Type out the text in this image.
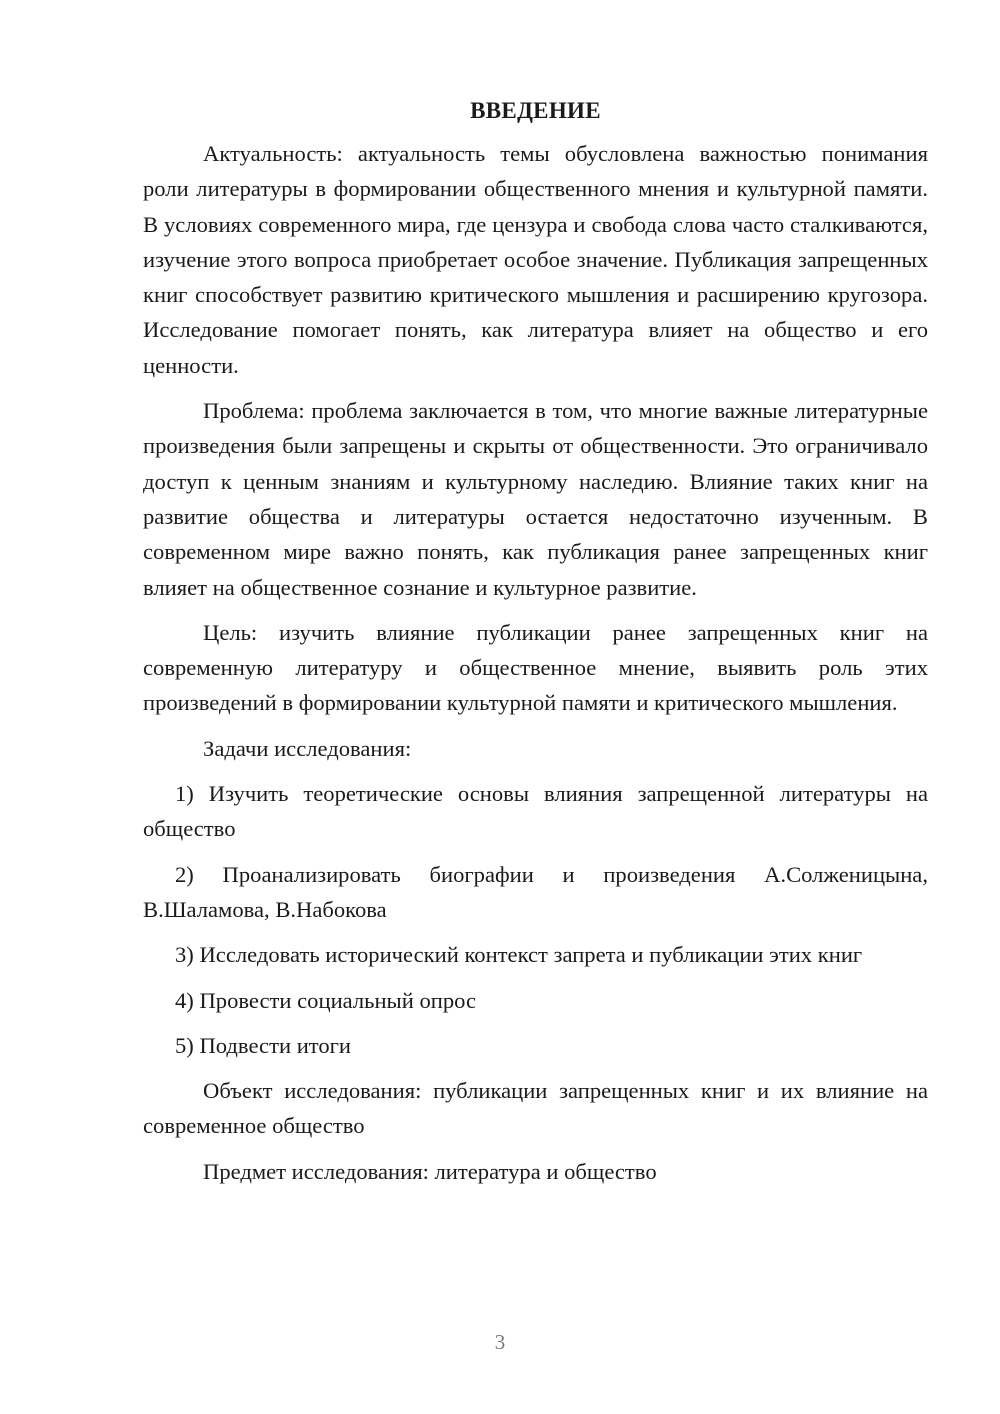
ВВЕДЕНИЕ

Актуальность: актуальность темы обусловлена важностью понимания роли литературы в формировании общественного мнения и культурной памяти. В условиях современного мира, где цензура и свобода слова часто сталкиваются, изучение этого вопроса приобретает особое значение. Публикация запрещенных книг способствует развитию критического мышления и расширению кругозора. Исследование помогает понять, как литература влияет на общество и его ценности.

Проблема: проблема заключается в том, что многие важные литературные произведения были запрещены и скрыты от общественности. Это ограничивало доступ к ценным знаниям и культурному наследию. Влияние таких книг на развитие общества и литературы остается недостаточно изученным. В современном мире важно понять, как публикация ранее запрещенных книг влияет на общественное сознание и культурное развитие.

Цель: изучить влияние публикации ранее запрещенных книг на современную литературу и общественное мнение, выявить роль этих произведений в формировании культурной памяти и критического мышления.

Задачи исследования:

1) Изучить теоретические основы влияния запрещенной литературы на общество

2) Проанализировать биографии и произведения А.Солженицына, В.Шаламова, В.Набокова

3) Исследовать исторический контекст запрета и публикации этих книг

4) Провести социальный опрос

5) Подвести итоги

Объект исследования: публикации запрещенных книг и их влияние на современное общество

Предмет исследования: литература и общество

3
